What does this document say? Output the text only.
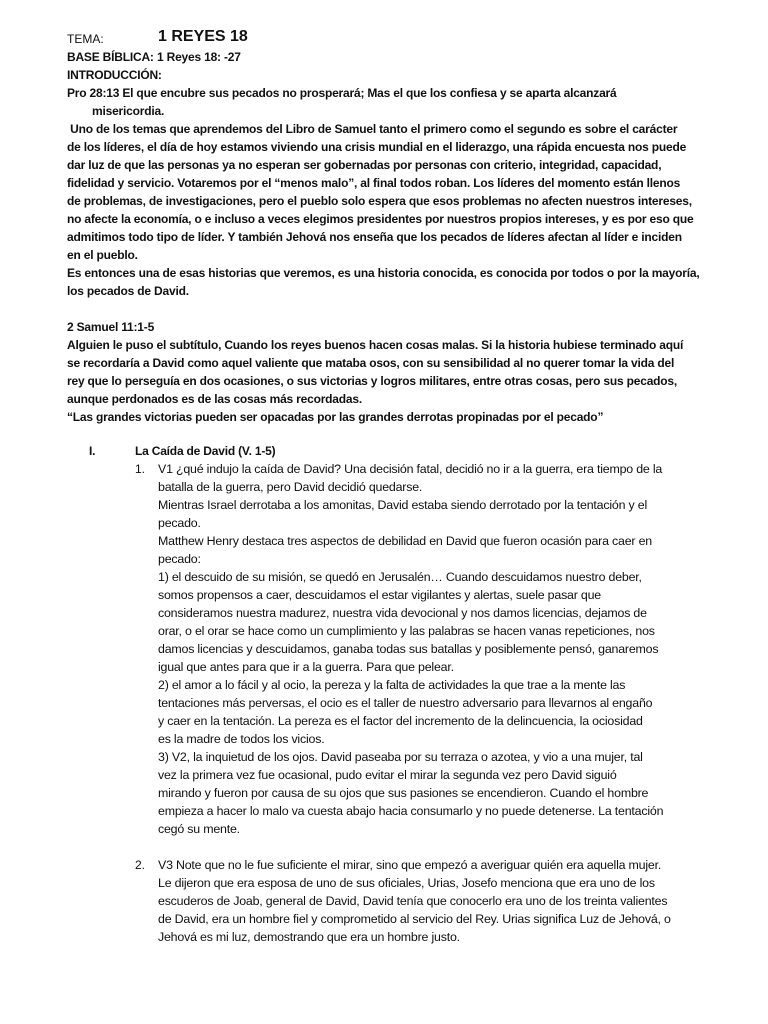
TEMA:	1 REYES 18
BASE BÍBLICA: 1 Reyes 18: -27
INTRODUCCIÓN:
Pro 28:13 El que encubre sus pecados no prosperará; Mas el que los confiesa y se aparta alcanzará
misericordia.
Uno de los temas que aprendemos del Libro de Samuel tanto el primero como el segundo es sobre el carácter
de los líderes, el día de hoy estamos viviendo una crisis mundial en el liderazgo, una rápida encuesta nos puede
dar luz de que las personas ya no esperan ser gobernadas por personas con criterio, integridad, capacidad,
fidelidad y servicio. Votaremos por el “menos malo”, al final todos roban. Los líderes del momento están llenos
de problemas, de investigaciones, pero el pueblo solo espera que esos problemas no afecten nuestros intereses,
no afecte la economía, o e incluso a veces elegimos presidentes por nuestros propios intereses, y es por eso que
admitimos todo tipo de líder. Y también Jehová nos enseña que los pecados de líderes afectan al líder e inciden
en el pueblo.
Es entonces una de esas historias que veremos, es una historia conocida, es conocida por todos o por la mayoría,
los pecados de David.
2 Samuel 11:1-5
Alguien le puso el subtítulo, Cuando los reyes buenos hacen cosas malas. Si la historia hubiese terminado aquí
se recordaría a David como aquel valiente que mataba osos, con su sensibilidad al no querer tomar la vida del
rey que lo perseguía en dos ocasiones, o sus victorias y logros militares, entre otras cosas, pero sus pecados,
aunque perdonados es de las cosas más recordadas.
“Las grandes victorias pueden ser opacadas por las grandes derrotas propinadas por el pecado”
I.	La Caída de David (V. 1-5)
1. V1 ¿qué indujo la caída de David? Una decisión fatal, decidió no ir a la guerra, era tiempo de la
batalla de la guerra, pero David decidió quedarse.
Mientras Israel derrotaba a los amonitas, David estaba siendo derrotado por la tentación y el
pecado.
Matthew Henry destaca tres aspectos de debilidad en David que fueron ocasión para caer en
pecado:
1) el descuido de su misión, se quedó en Jerusalén… Cuando descuidamos nuestro deber,
somos propensos a caer, descuidamos el estar vigilantes y alertas, suele pasar que
consideramos nuestra madurez, nuestra vida devocional y nos damos licencias, dejamos de
orar, o el orar se hace como un cumplimiento y las palabras se hacen vanas repeticiones, nos
damos licencias y descuidamos, ganaba todas sus batallas y posiblemente pensó, ganaremos
igual que antes para que ir a la guerra. Para que pelear.
2) el amor a lo fácil y al ocio, la pereza y la falta de actividades la que trae a la mente las
tentaciones más perversas, el ocio es el taller de nuestro adversario para llevarnos al engaño
y caer en la tentación. La pereza es el factor del incremento de la delincuencia, la ociosidad
es la madre de todos los vicios.
3) V2, la inquietud de los ojos. David paseaba por su terraza o azotea, y vio a una mujer, tal
vez la primera vez fue ocasional, pudo evitar el mirar la segunda vez pero David siguió
mirando y fueron por causa de su ojos que sus pasiones se encendieron. Cuando el hombre
empieza a hacer lo malo va cuesta abajo hacia consumarlo y no puede detenerse. La tentación
cegó su mente.
2. V3 Note que no le fue suficiente el mirar, sino que empezó a averiguar quién era aquella mujer.
Le dijeron que era esposa de uno de sus oficiales, Urias, Josefo menciona que era uno de los
escuderos de Joab, general de David, David tenía que conocerlo era uno de los treinta valientes
de David, era un hombre fiel y comprometido al servicio del Rey. Urias significa Luz de Jehová, o
Jehová es mi luz, demostrando que era un hombre justo.
